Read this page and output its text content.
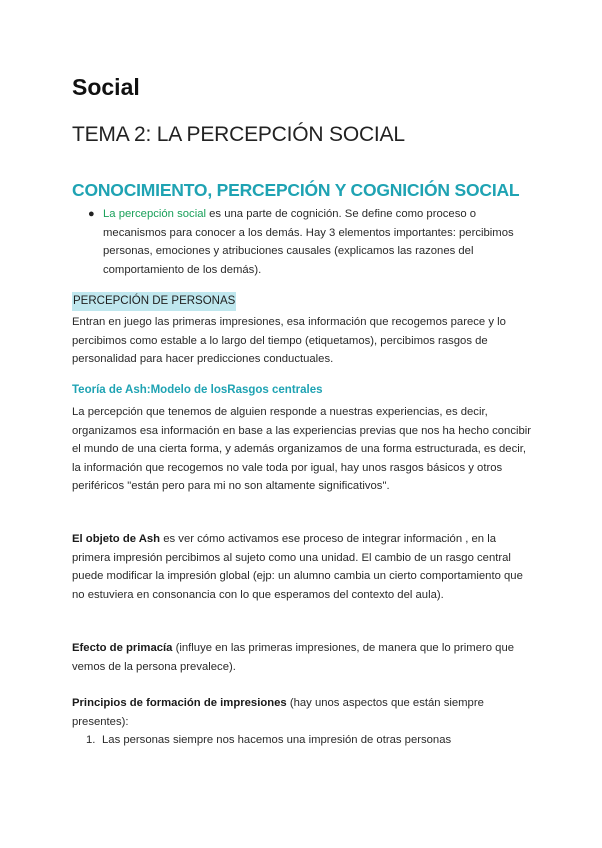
Social
TEMA 2: LA PERCEPCIÓN SOCIAL
CONOCIMIENTO, PERCEPCIÓN Y COGNICIÓN SOCIAL
● La percepción social es una parte de cognición. Se define como proceso o mecanismos para conocer a los demás. Hay 3 elementos importantes: percibimos personas, emociones y atribuciones causales (explicamos las razones del comportamiento de los demás).
PERCEPCIÓN DE PERSONAS

Entran en juego las primeras impresiones, esa información que recogemos parece y lo percibimos como estable a lo largo del tiempo (etiquetamos), percibimos rasgos de personalidad para hacer predicciones conductuales.

Teoría de Ash:Modelo de losRasgos centrales

La percepción que tenemos de alguien responde a nuestras experiencias, es decir, organizamos esa información en base a las experiencias previas que nos ha hecho concibir el mundo de una cierta forma, y además organizamos de una forma estructurada, es decir, la información que recogemos no vale toda por igual, hay unos rasgos básicos y otros periféricos "están pero para mi no son altamente significativos".

El objeto de Ash es ver cómo activamos ese proceso de integrar información , en la primera impresión percibimos al sujeto como una unidad. El cambio de un rasgo central puede modificar la impresión global (ejp: un alumno cambia un cierto comportamiento que no estuviera en consonancia con lo que esperamos del contexto del aula).

Efecto de primacía (influye en las primeras impresiones, de manera que lo primero que vemos de la persona prevalece).

Principios de formación de impresiones (hay unos aspectos que están siempre presentes):

1. Las personas siempre nos hacemos una impresión de otras personas
